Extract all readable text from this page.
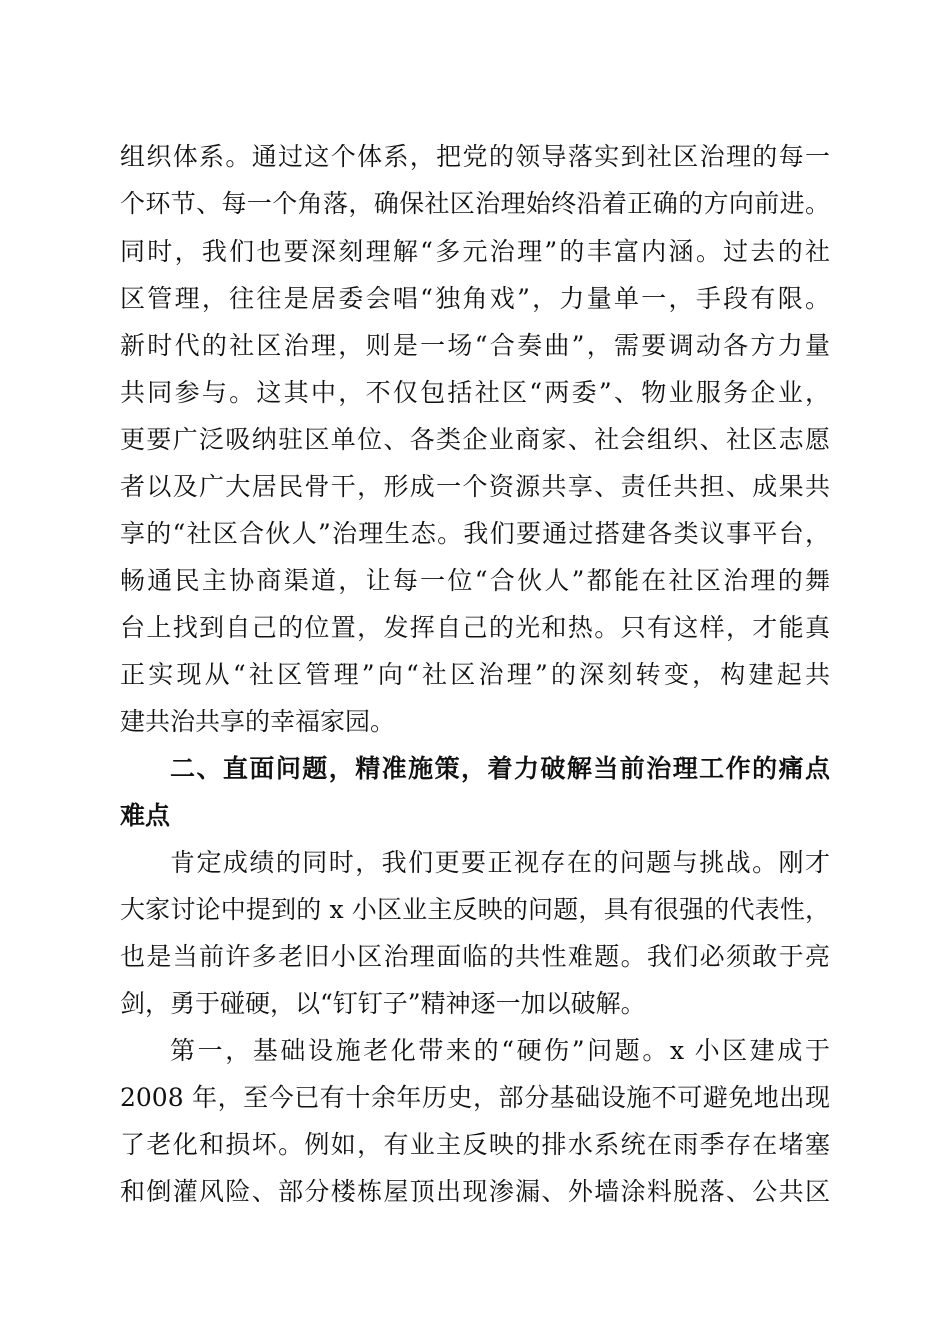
组织体系。通过这个体系，把党的领导落实到社区治理的每一
个环节、每一个角落，确保社区治理始终沿着正确的方向前进。
同时，我们也要深刻理解“多元治理”的丰富内涵。过去的社
区管理，往往是居委会唱“独角戏”，力量单一，手段有限。
新时代的社区治理，则是一场“合奏曲”，需要调动各方力量
共同参与。这其中，不仅包括社区“两委”、物业服务企业，
更要广泛吸纳驻区单位、各类企业商家、社会组织、社区志愿
者以及广大居民骨干，形成一个资源共享、责任共担、成果共
享的“社区合伙人”治理生态。我们要通过搭建各类议事平台，
畅通民主协商渠道，让每一位“合伙人”都能在社区治理的舞
台上找到自己的位置，发挥自己的光和热。只有这样，才能真
正实现从“社区管理”向“社区治理”的深刻转变，构建起共
建共治共享的幸福家园。
二、直面问题，精准施策，着力破解当前治理工作的痛点
难点
肯定成绩的同时，我们更要正视存在的问题与挑战。刚才
大家讨论中提到的 x 小区业主反映的问题，具有很强的代表性，
也是当前许多老旧小区治理面临的共性难题。我们必须敢于亮
剑，勇于碰硬，以“钉钉子”精神逐一加以破解。
第一，基础设施老化带来的“硬伤”问题。x 小区建成于
2008 年，至今已有十余年历史，部分基础设施不可避免地出现
了老化和损坏。例如，有业主反映的排水系统在雨季存在堵塞
和倒灌风险、部分楼栋屋顶出现渗漏、外墙涂料脱落、公共区
